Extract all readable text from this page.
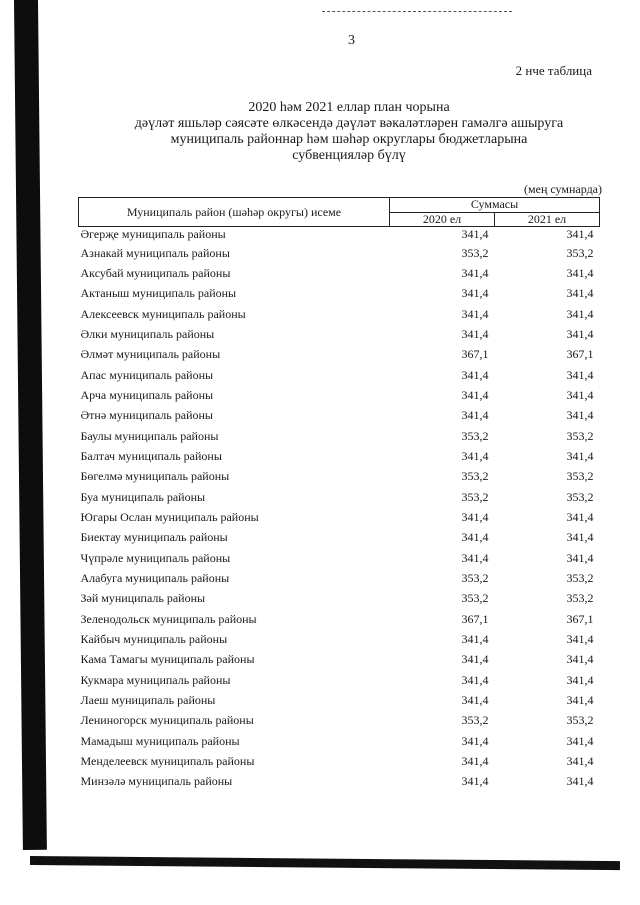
3
2 нче таблица
2020 һәм 2021 еллар план чорына
дәүләт яшьләр сәясәте өлкәсендә дәүләт вәкаләтләрен гамәлгә ашыруга
муниципаль районнар һәм шәһәр округлары бюджетларына
субвенцияләр бүлү
(мең сумнарда)
Муниципаль район (шәһәр округы) исеме	Суммасы	
	2020 ел	2021 ел
Әгерҗе муниципаль районы	341,4	341,4
Азнакай муниципаль районы	353,2	353,2
Аксубай муниципаль районы	341,4	341,4
Актаныш муниципаль районы	341,4	341,4
Алексеевск муниципаль районы	341,4	341,4
Әлки муниципаль районы	341,4	341,4
Әлмәт муниципаль районы	367,1	367,1
Апас муниципаль районы	341,4	341,4
Арча муниципаль районы	341,4	341,4
Әтнә муниципаль районы	341,4	341,4
Баулы муниципаль районы	353,2	353,2
Балтач муниципаль районы	341,4	341,4
Бөгелмә муниципаль районы	353,2	353,2
Буа муниципаль районы	353,2	353,2
Югары Ослан муниципаль районы	341,4	341,4
Биектау муниципаль районы	341,4	341,4
Чүпрәле муниципаль районы	341,4	341,4
Алабуга муниципаль районы	353,2	353,2
Зәй муниципаль районы	353,2	353,2
Зеленодольск муниципаль районы	367,1	367,1
Кайбыч муниципаль районы	341,4	341,4
Кама Тамагы муниципаль районы	341,4	341,4
Кукмара муниципаль районы	341,4	341,4
Лаеш муниципаль районы	341,4	341,4
Лениногорск муниципаль районы	353,2	353,2
Мамадыш муниципаль районы	341,4	341,4
Менделеевск муниципаль районы	341,4	341,4
Минзәлә муниципаль районы	341,4	341,4
